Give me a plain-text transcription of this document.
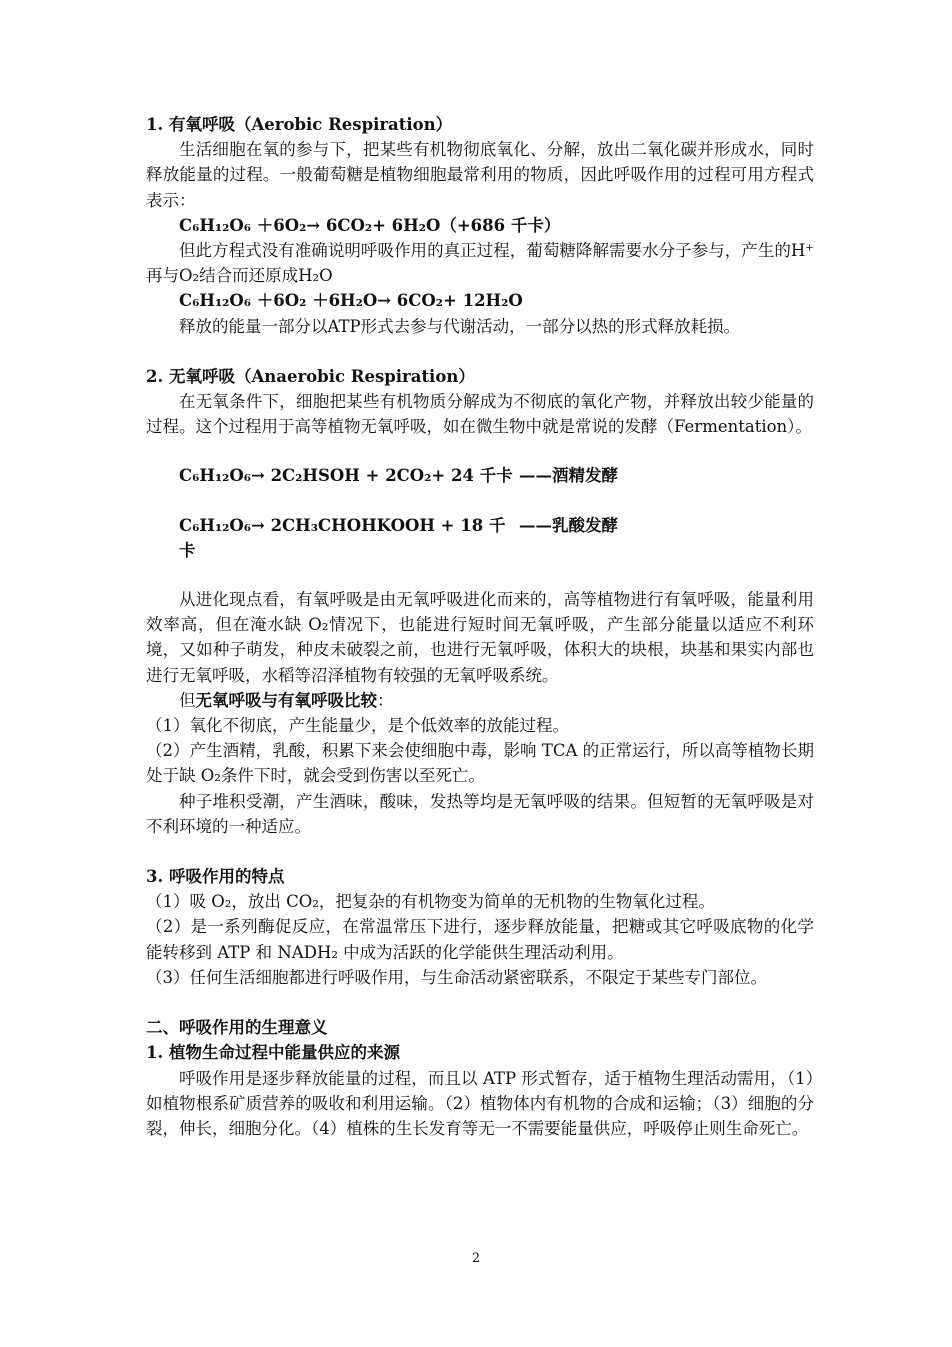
1. 有氧呼吸（Aerobic Respiration）

生活细胞在氧的参与下，把某些有机物彻底氧化、分解，放出二氧化碳并形成水，同时释放能量的过程。一般葡萄糖是植物细胞最常利用的物质，因此呼吸作用的过程可用方程式表示：

C₆H₁₂O₆ ＋6O₂→ 6CO₂+ 6H₂O（+686 千卡）

但此方程式没有准确说明呼吸作用的真正过程，葡萄糖降解需要水分子参与，产生的H⁺再与O₂结合而还原成H₂O

C₆H₁₂O₆ ＋6O₂ ＋6H₂O→ 6CO₂+ 12H₂O

释放的能量一部分以ATP形式去参与代谢活动，一部分以热的形式释放耗损。

2. 无氧呼吸（Anaerobic Respiration）

在无氧条件下，细胞把某些有机物质分解成为不彻底的氧化产物，并释放出较少能量的过程。这个过程用于高等植物无氧呼吸，如在微生物中就是常说的发酵（Fermentation）。

C₆H₁₂O₆→ 2C₂HSOH + 2CO₂+ 24 千卡 ——酒精发酵
C₆H₁₂O₆→ 2CH₃CHOHKOOH + 18 千卡
——乳酸发酵

从进化现点看，有氧呼吸是由无氧呼吸进化而来的，高等植物进行有氧呼吸，能量利用效率高，但在淹水缺 O₂情况下，也能进行短时间无氧呼吸，产生部分能量以适应不利环境，又如种子萌发，种皮未破裂之前，也进行无氧呼吸，体积大的块根，块基和果实内部也进行无氧呼吸，水稻等沼泽植物有较强的无氧呼吸系统。

但无氧呼吸与有氧呼吸比较：

（1）氧化不彻底，产生能量少，是个低效率的放能过程。

（2）产生酒精，乳酸，积累下来会使细胞中毒，影响 TCA 的正常运行，所以高等植物长期处于缺 O₂条件下时，就会受到伤害以至死亡。

种子堆积受潮，产生酒味，酸味，发热等均是无氧呼吸的结果。但短暂的无氧呼吸是对不利环境的一种适应。

3. 呼吸作用的特点

（1）吸 O₂，放出 CO₂，把复杂的有机物变为简单的无机物的生物氧化过程。

（2）是一系列酶促反应，在常温常压下进行，逐步释放能量，把糖或其它呼吸底物的化学能转移到 ATP 和 NADH₂ 中成为活跃的化学能供生理活动利用。

（3）任何生活细胞都进行呼吸作用，与生命活动紧密联系，不限定于某些专门部位。

二、呼吸作用的生理意义

1. 植物生命过程中能量供应的来源

呼吸作用是逐步释放能量的过程，而且以 ATP 形式暂存，适于植物生理活动需用，（1）如植物根系矿质营养的吸收和利用运输。（2）植物体内有机物的合成和运输；（3）细胞的分裂，伸长，细胞分化。（4）植株的生长发育等无一不需要能量供应，呼吸停止则生命死亡。

2
